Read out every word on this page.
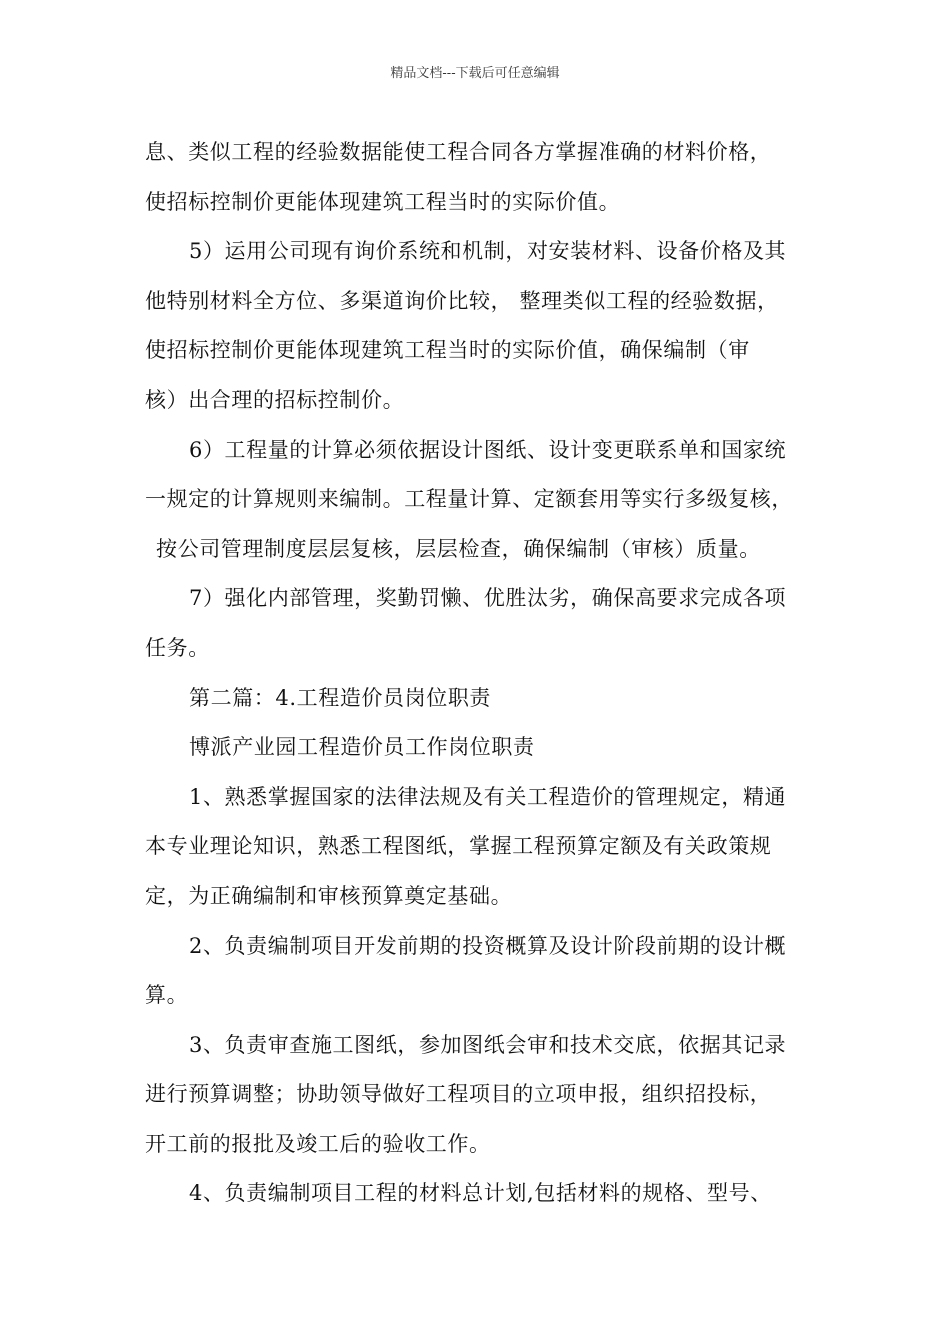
精品文档---下载后可任意编辑
息、类似工程的经验数据能使工程合同各方掌握准确的材料价格，
使招标控制价更能体现建筑工程当时的实际价值。
5）运用公司现有询价系统和机制，对安装材料、设备价格及其
他特别材料全方位、多渠道询价比较， 整理类似工程的经验数据，
使招标控制价更能体现建筑工程当时的实际价值，确保编制（审
核）出合理的招标控制价。
6）工程量的计算必须依据设计图纸、设计变更联系单和国家统
一规定的计算规则来编制。工程量计算、定额套用等实行多级复核，
按公司管理制度层层复核，层层检查，确保编制（审核）质量。
7）强化内部管理，奖勤罚懒、优胜汰劣，确保高要求完成各项
任务。
第二篇：4.工程造价员岗位职责
博派产业园工程造价员工作岗位职责
1、熟悉掌握国家的法律法规及有关工程造价的管理规定，精通
本专业理论知识，熟悉工程图纸，掌握工程预算定额及有关政策规
定，为正确编制和审核预算奠定基础。
2、负责编制项目开发前期的投资概算及设计阶段前期的设计概
算。
3、负责审查施工图纸，参加图纸会审和技术交底，依据其记录
进行预算调整；协助领导做好工程项目的立项申报，组织招投标，
开工前的报批及竣工后的验收工作。
4、负责编制项目工程的材料总计划,包括材料的规格、型号、
